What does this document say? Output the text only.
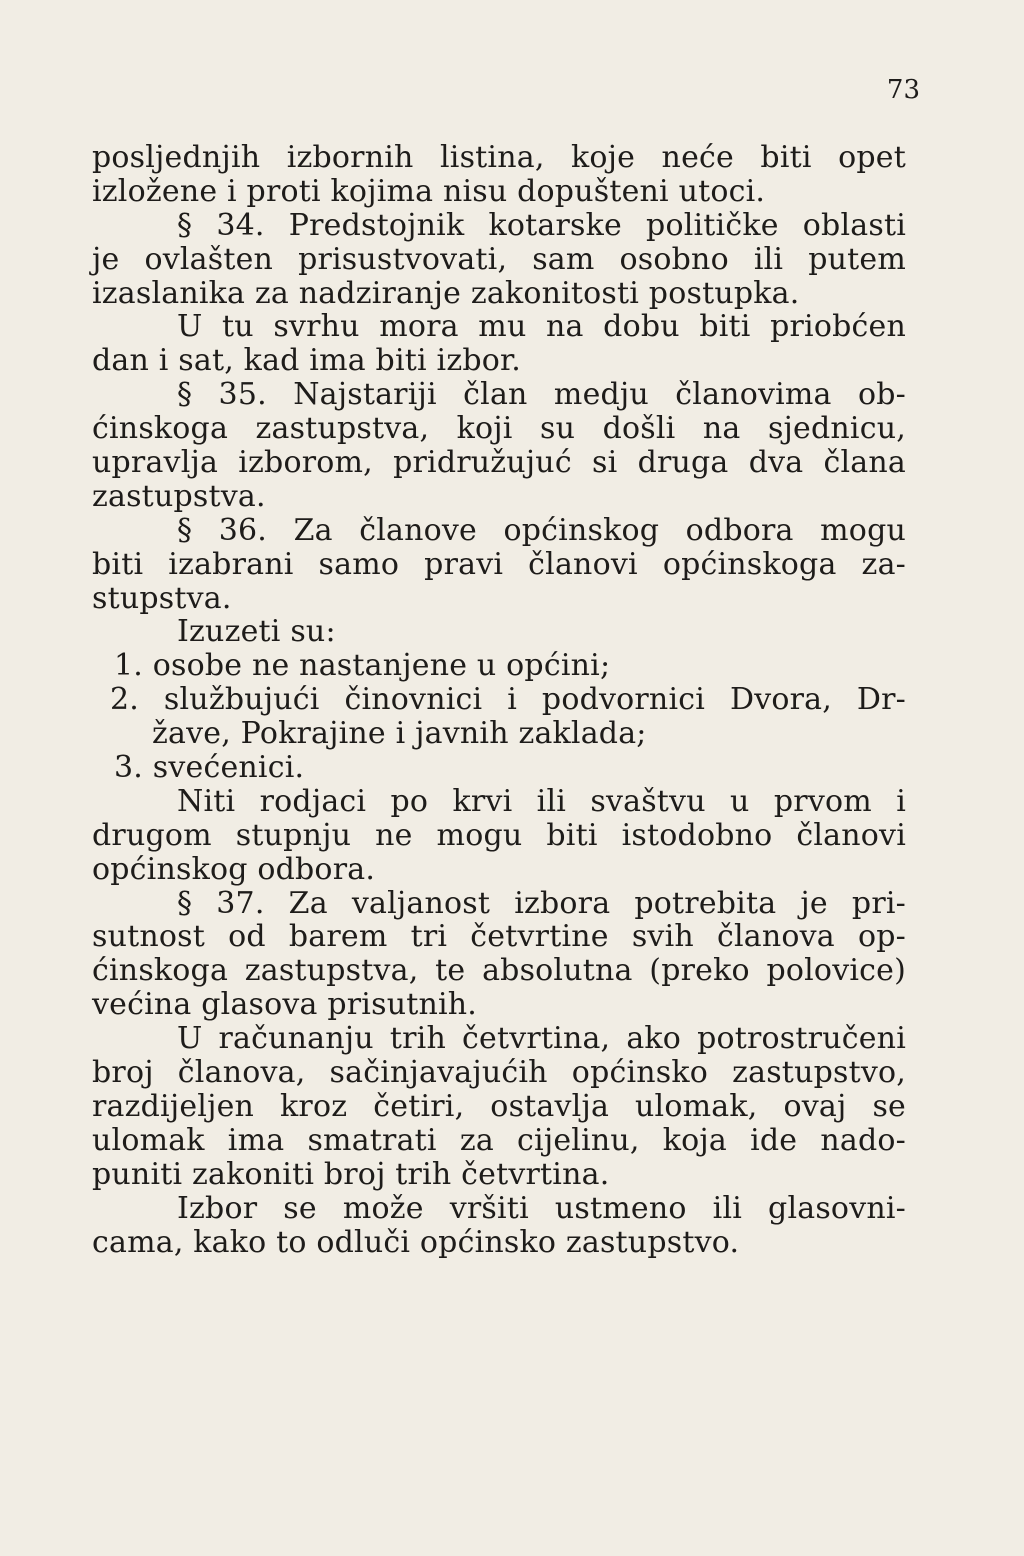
73
posljednjih izbornih listina, koje neće biti opet
izložene i proti kojima nisu dopušteni utoci.
§ 34. Predstojnik kotarske političke oblasti
je ovlašten prisustvovati, sam osobno ili putem
izaslanika za nadziranje zakonitosti postupka.
U tu svrhu mora mu na dobu biti priobćen
dan i sat, kad ima biti izbor.
§ 35. Najstariji član medju članovima ob-
ćinskoga zastupstva, koji su došli na sjednicu,
upravlja izborom, pridružujuć si druga dva člana
zastupstva.
§ 36. Za članove općinskog odbora mogu
biti izabrani samo pravi članovi općinskoga za-
stupstva.
Izuzeti su:
1. osobe ne nastanjene u općini;
2. službujući činovnici i podvornici Dvora, Dr-
žave, Pokrajine i javnih zaklada;
3. svećenici.
Niti rodjaci po krvi ili svaštvu u prvom i
drugom stupnju ne mogu biti istodobno članovi
općinskog odbora.
§ 37. Za valjanost izbora potrebita je pri-
sutnost od barem tri četvrtine svih članova op-
ćinskoga zastupstva, te absolutna (preko polovice)
većina glasova prisutnih.
U računanju trih četvrtina, ako potrostručeni
broj članova, sačinjavajućih općinsko zastupstvo,
razdijeljen kroz četiri, ostavlja ulomak, ovaj se
ulomak ima smatrati za cijelinu, koja ide nado-
puniti zakoniti broj trih četvrtina.
Izbor se može vršiti ustmeno ili glasovni-
cama, kako to odluči općinsko zastupstvo.
